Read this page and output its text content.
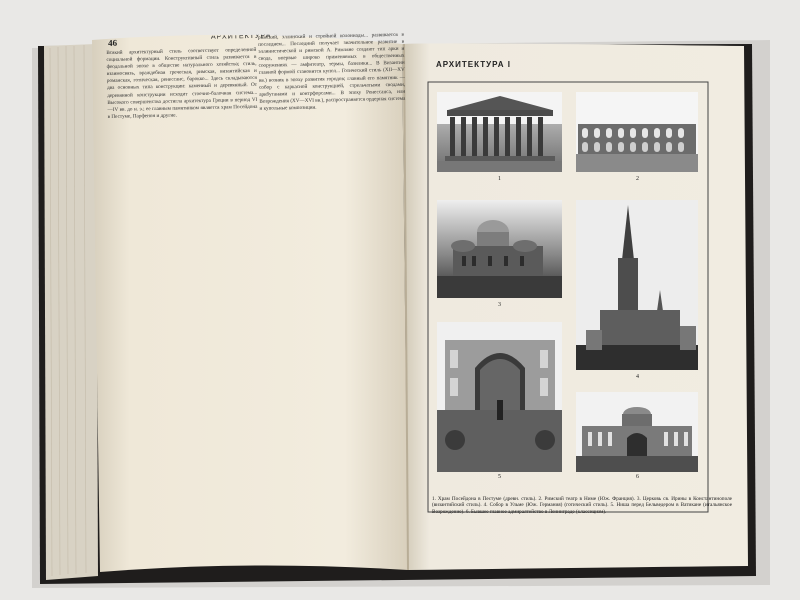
46
АРХИТЕКТУРА
Всякий архитектурный стиль соответствует определенной социальной формации. Конструктивный стиль развивается в феодальной эпохе в обществе натурального хозяйства; стиль, взаимосвязь, враждебная греческая, римская, византийская и романская, готическая, ренессанс, барокко... Здесь складываются два основных типа конструкции: каменный и деревянный. От деревянной конструкции исходит стоечно-балочная система... Высокого совершенства достигла архитектура Греции в период VI—IV вв. до н. э.; ее главным памятником является храм Посейдона в Пестуме, Парфенон и другие.
римский, эллинский и стройной колоннады... развивается в последнем... Последний получает значительное развитие в эллинистической и римской А. Римляне создают тип арки и свода, впервые широко применяемых в общественных сооружениях — амфитеатр, термы, базилики... В Византии главной формой становится купол... Готический стиль (XII—XV вв.) возник в эпоху развития городов; главный его памятник — собор с каркасной конструкцией, стрельчатыми сводами, аркбутанами и контрфорсами... В эпоху Ренессанса, или Возрождения (XV—XVI вв.), распространяется ордерная система и купольные композиции.
АРХИТЕКТУРА I
1	2
3
4
5	6
1. Храм Посейдона в Пестуме (древн. стиль). 2. Римский театр в Ниме (Юж. Франция). 3. Церковь св. Ирины в Константинополе (византийский стиль). 4. Собор в Ульме (Юж. Германия) (готический стиль). 5. Ниша перед Бельведером в Ватикане (итальянское Возрождение). 6. Бывшее главное адмиралтейство в Ленинграде (классицизм).
